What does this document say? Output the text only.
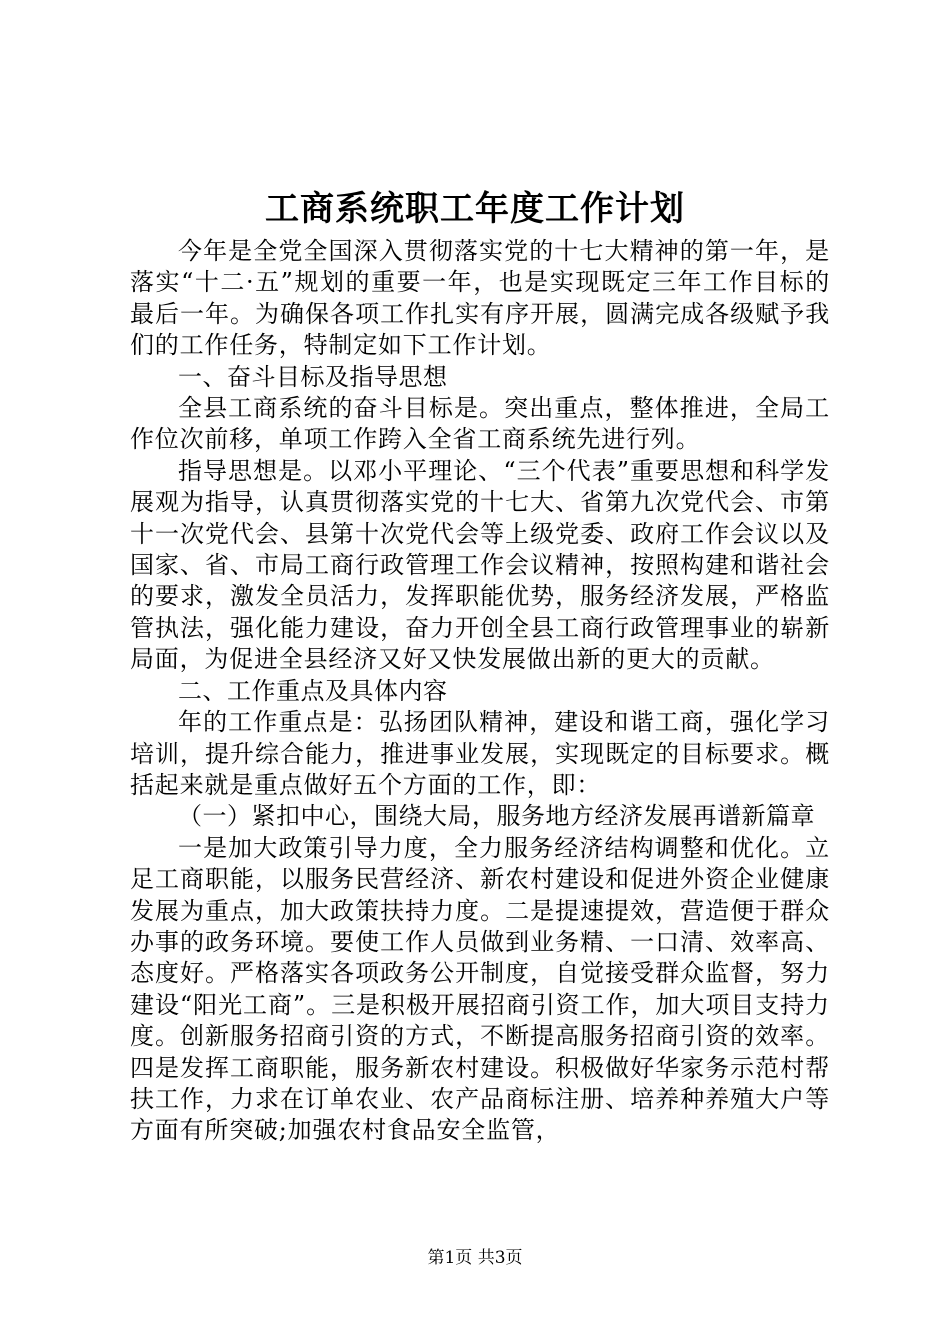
工商系统职工年度工作计划

今年是全党全国深入贯彻落实党的十七大精神的第一年，是落实“十二·五”规划的重要一年，也是实现既定三年工作目标的最后一年。为确保各项工作扎实有序开展，圆满完成各级赋予我们的工作任务，特制定如下工作计划。

一、奋斗目标及指导思想

全县工商系统的奋斗目标是。突出重点，整体推进，全局工作位次前移，单项工作跨入全省工商系统先进行列。

指导思想是。以邓小平理论、“三个代表”重要思想和科学发展观为指导，认真贯彻落实党的十七大、省第九次党代会、市第十一次党代会、县第十次党代会等上级党委、政府工作会议以及国家、省、市局工商行政管理工作会议精神，按照构建和谐社会的要求，激发全员活力，发挥职能优势，服务经济发展，严格监管执法，强化能力建设，奋力开创全县工商行政管理事业的崭新局面，为促进全县经济又好又快发展做出新的更大的贡献。

二、工作重点及具体内容

年的工作重点是：弘扬团队精神，建设和谐工商，强化学习培训，提升综合能力，推进事业发展，实现既定的目标要求。概括起来就是重点做好五个方面的工作，即：

（一）紧扣中心，围绕大局，服务地方经济发展再谱新篇章

一是加大政策引导力度，全力服务经济结构调整和优化。立足工商职能，以服务民营经济、新农村建设和促进外资企业健康发展为重点，加大政策扶持力度。二是提速提效，营造便于群众办事的政务环境。要使工作人员做到业务精、一口清、效率高、态度好。严格落实各项政务公开制度，自觉接受群众监督，努力建设“阳光工商”。三是积极开展招商引资工作，加大项目支持力度。创新服务招商引资的方式，不断提高服务招商引资的效率。四是发挥工商职能，服务新农村建设。积极做好华家务示范村帮扶工作，力求在订单农业、农产品商标注册、培养种养殖大户等方面有所突破;加强农村食品安全监管，

第1页 共3页
